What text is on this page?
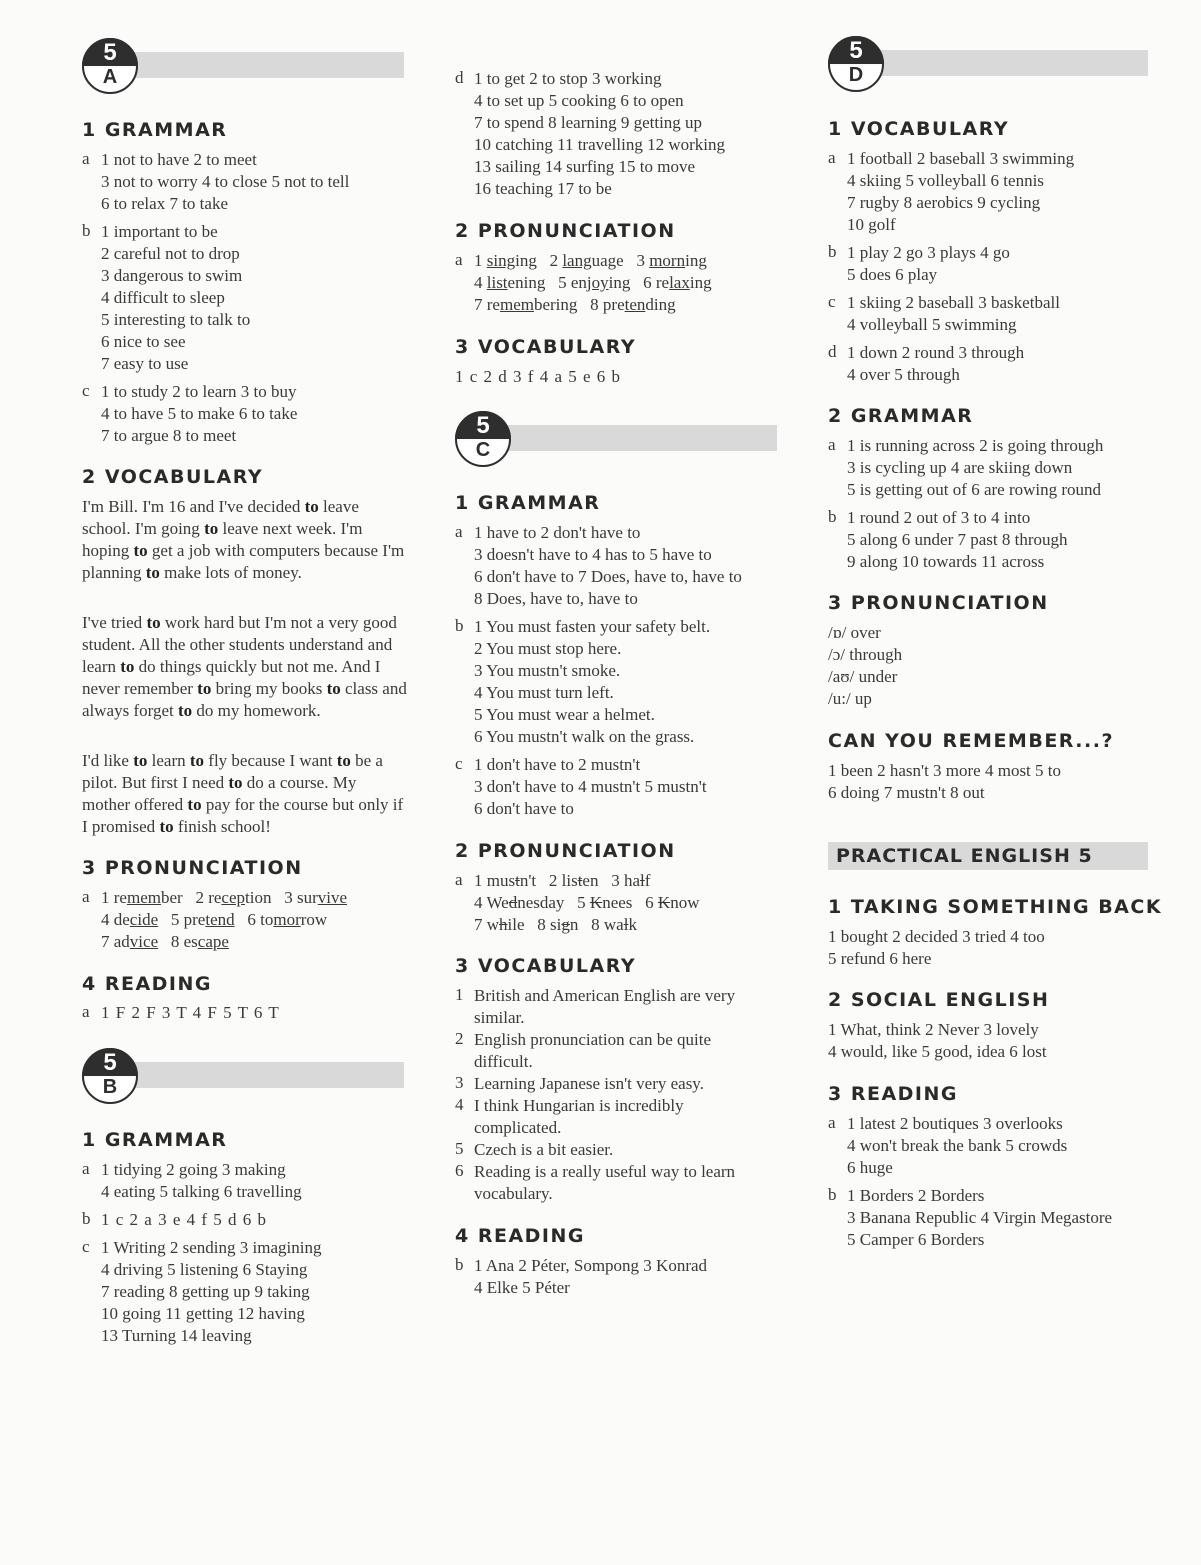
5
A
1 GRAMMAR
a 1 not to have 2 to meet
3 not to worry 4 to close 5 not to tell
6 to relax 7 to take
b 1 important to be
2 careful not to drop
3 dangerous to swim
4 difficult to sleep
5 interesting to talk to
6 nice to see
7 easy to use
c 1 to study 2 to learn 3 to buy
4 to have 5 to make 6 to take
7 to argue 8 to meet
2 VOCABULARY
I'm Bill. I'm 16 and I've decided to leave school. I'm going to leave next week. I'm hoping to get a job with computers because I'm planning to make lots of money.
I've tried to work hard but I'm not a very good student. All the other students understand and learn to do things quickly but not me. And I never remember to bring my books to class and always forget to do my homework.
I'd like to learn to fly because I want to be a pilot. But first I need to do a course. My mother offered to pay for the course but only if I promised to finish school!
3 PRONUNCIATION
a 1 remember 2 reception 3 survive
4 decide 5 pretend 6 tomorrow
7 advice 8 escape
4 READING
a 1 F 2 F 3 T 4 F 5 T 6 T
5
B
1 GRAMMAR
a 1 tidying 2 going 3 making
4 eating 5 talking 6 travelling
b 1 c 2 a 3 e 4 f 5 d 6 b
c 1 Writing 2 sending 3 imagining
4 driving 5 listening 6 Staying
7 reading 8 getting up 9 taking
10 going 11 getting 12 having
13 Turning 14 leaving
d 1 to get 2 to stop 3 working
4 to set up 5 cooking 6 to open
7 to spend 8 learning 9 getting up
10 catching 11 travelling 12 working
13 sailing 14 surfing 15 to move
16 teaching 17 to be
2 PRONUNCIATION
a 1 singing 2 language 3 morning
4 listening 5 enjoying 6 relaxing
7 remembering 8 pretending
3 VOCABULARY
1 c 2 d 3 f 4 a 5 e 6 b
5
C
1 GRAMMAR
a 1 have to 2 don't have to
3 doesn't have to 4 has to 5 have to
6 don't have to 7 Does, have to, have to
8 Does, have to, have to
b 1 You must fasten your safety belt.
2 You must stop here.
3 You mustn't smoke.
4 You must turn left.
5 You must wear a helmet.
6 You mustn't walk on the grass.
c 1 don't have to 2 mustn't
3 don't have to 4 mustn't 5 mustn't
6 don't have to
2 PRONUNCIATION
a 1 mustn't 2 listen 3 half
4 Wednesday 5 Knees 6 Know
7 while 8 sign 8 walk
3 VOCABULARY
1 British and American English are very
similar.
2 English pronunciation can be quite
difficult.
3 Learning Japanese isn't very easy.
4 I think Hungarian is incredibly
complicated.
5 Czech is a bit easier.
6 Reading is a really useful way to learn
vocabulary.
4 READING
b 1 Ana 2 Péter, Sompong 3 Konrad
4 Elke 5 Péter
5
D
1 VOCABULARY
a 1 football 2 baseball 3 swimming
4 skiing 5 volleyball 6 tennis
7 rugby 8 aerobics 9 cycling
10 golf
b 1 play 2 go 3 plays 4 go
5 does 6 play
c 1 skiing 2 baseball 3 basketball
4 volleyball 5 swimming
d 1 down 2 round 3 through
4 over 5 through
2 GRAMMAR
a 1 is running across 2 is going through
3 is cycling up 4 are skiing down
5 is getting out of 6 are rowing round
b 1 round 2 out of 3 to 4 into
5 along 6 under 7 past 8 through
9 along 10 towards 11 across
3 PRONUNCIATION
/ɒ/ over
/ɔ/ through
/aʊ/ under
/u:/ up
CAN YOU REMEMBER...?
1 been 2 hasn't 3 more 4 most 5 to
6 doing 7 mustn't 8 out
PRACTICAL ENGLISH 5
1 TAKING SOMETHING BACK
1 bought 2 decided 3 tried 4 too
5 refund 6 here
2 SOCIAL ENGLISH
1 What, think 2 Never 3 lovely
4 would, like 5 good, idea 6 lost
3 READING
a 1 latest 2 boutiques 3 overlooks
4 won't break the bank 5 crowds
6 huge
b 1 Borders 2 Borders
3 Banana Republic 4 Virgin Megastore
5 Camper 6 Borders
